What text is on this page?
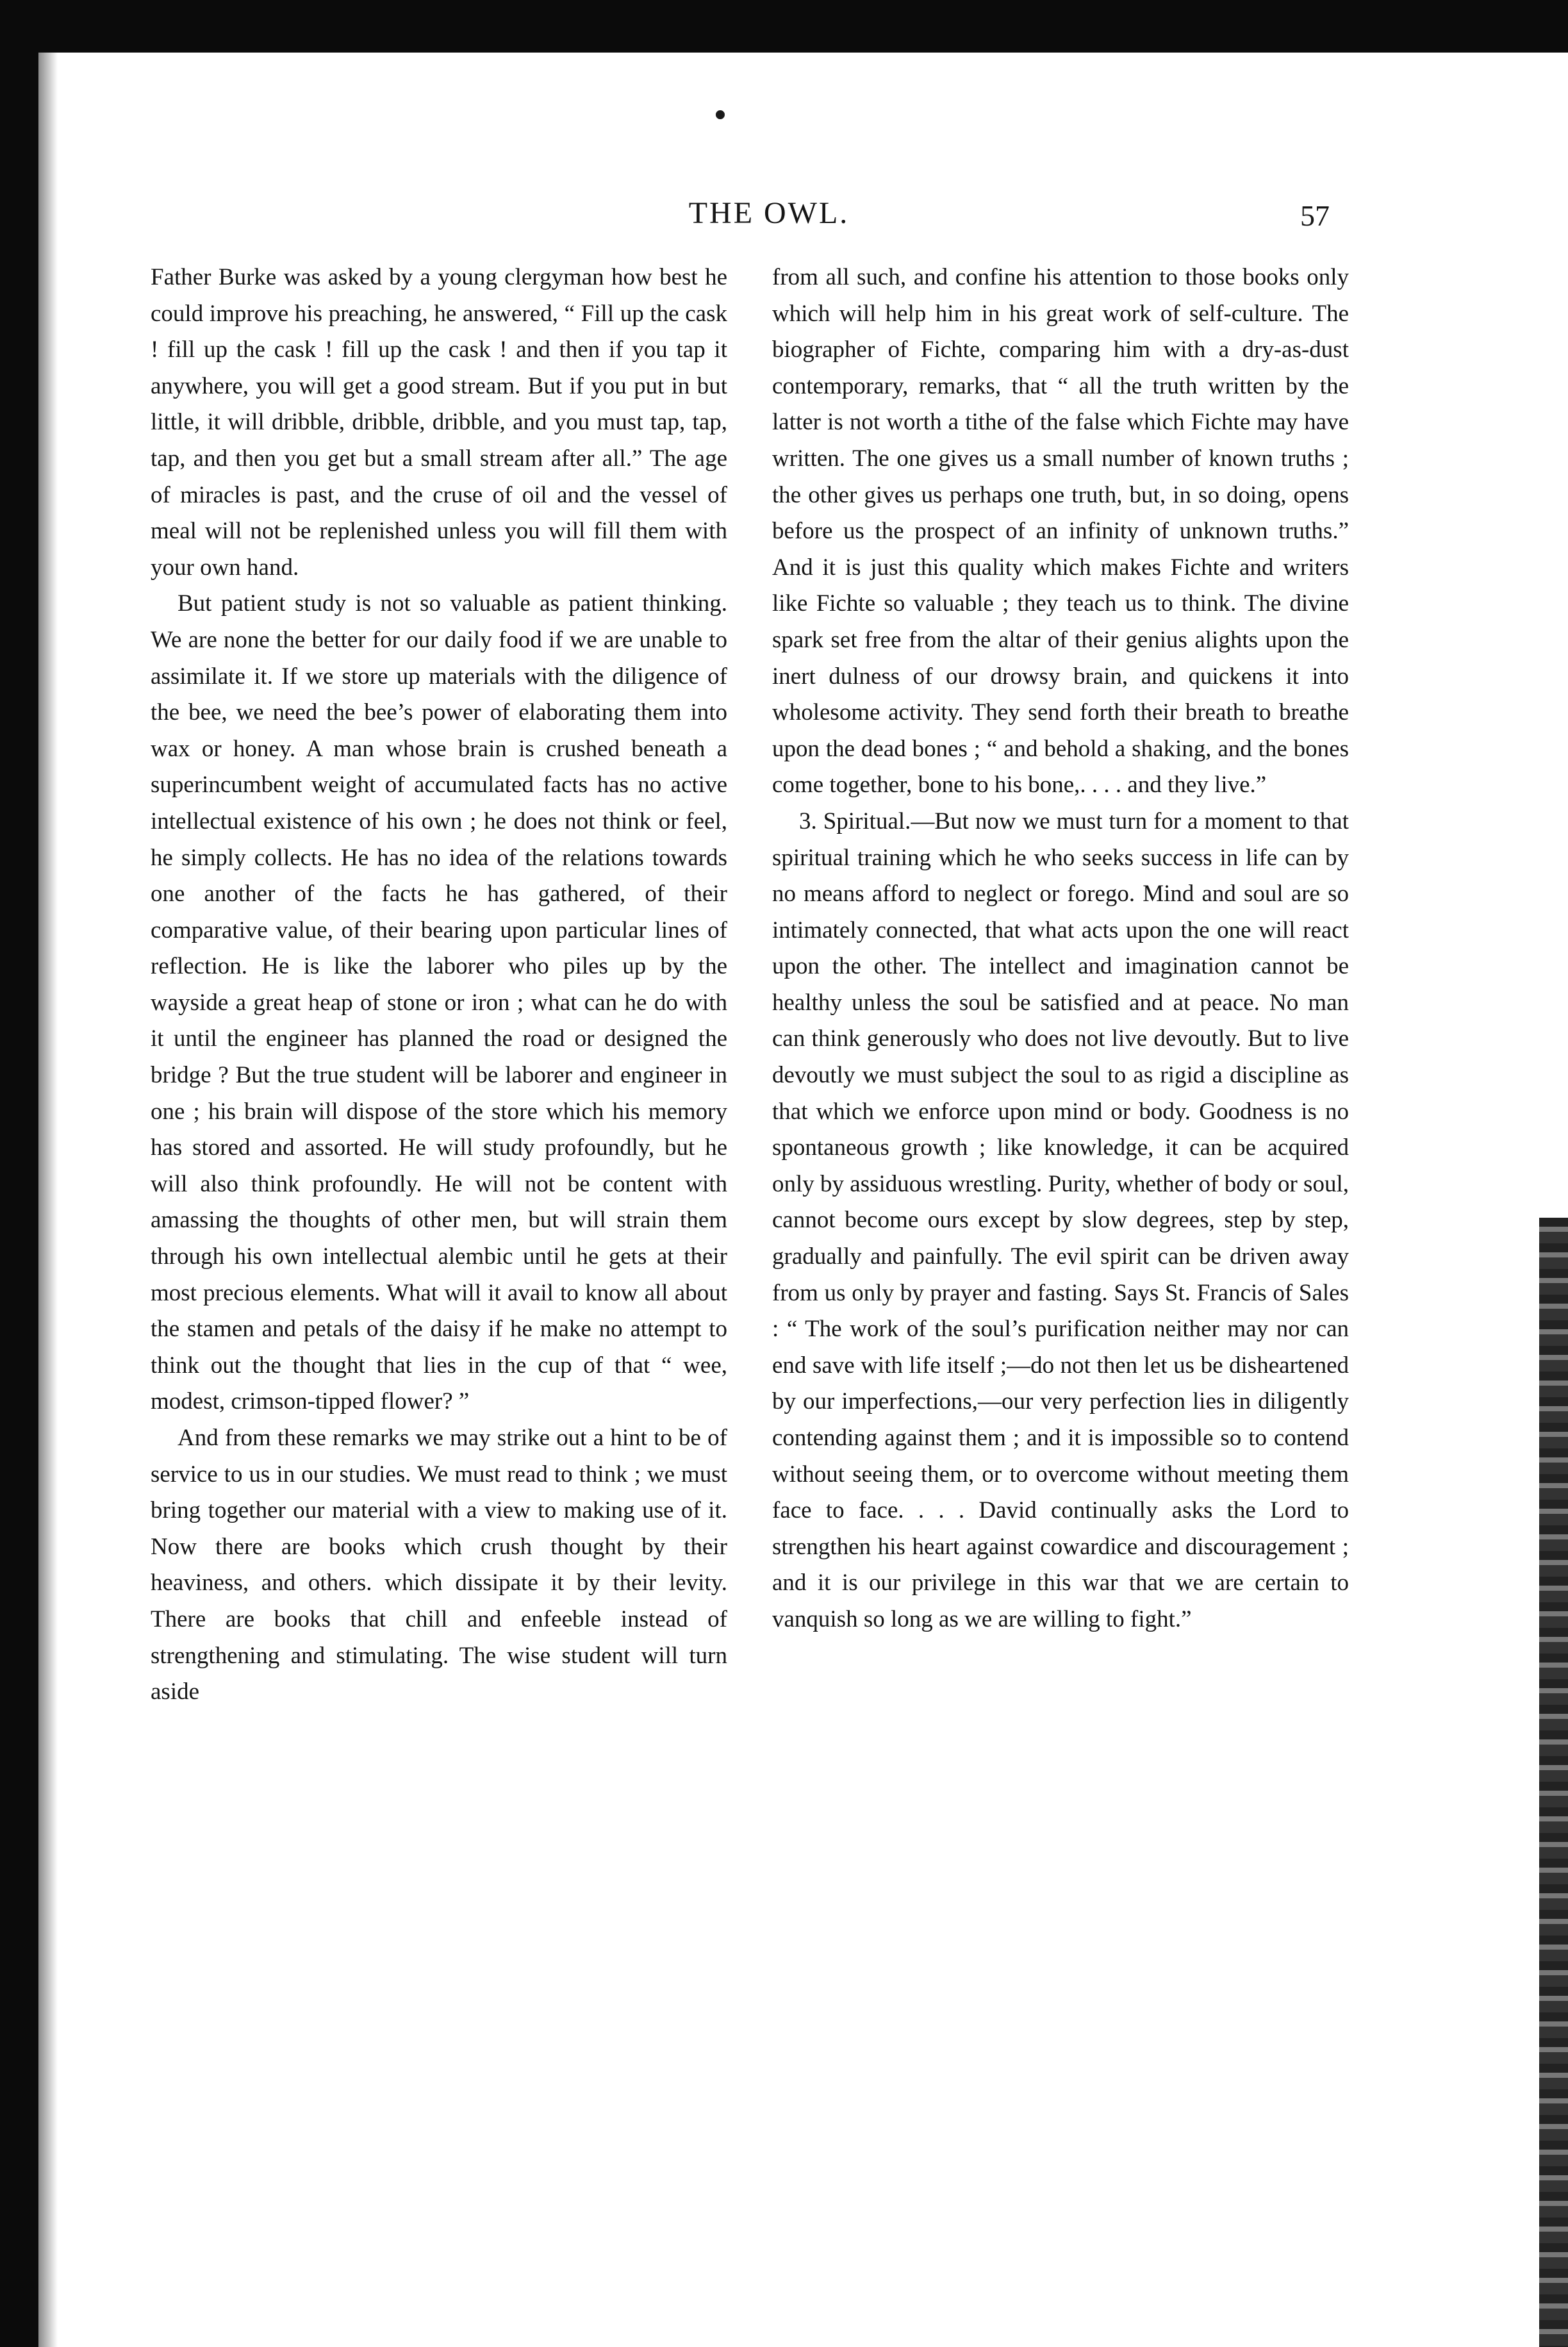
THE OWL.	57

Father Burke was asked by a young clergyman how best he could improve his preaching, he answered, “ Fill up the cask ! fill up the cask ! fill up the cask ! and then if you tap it anywhere, you will get a good stream. But if you put in but little, it will dribble, dribble, dribble, and you must tap, tap, tap, and then you get but a small stream after all.” The age of miracles is past, and the cruse of oil and the vessel of meal will not be replenished unless you will fill them with your own hand.

But patient study is not so valuable as patient thinking. We are none the better for our daily food if we are unable to assimilate it. If we store up materials with the diligence of the bee, we need the bee’s power of elaborating them into wax or honey. A man whose brain is crushed beneath a superincumbent weight of accumulated facts has no active intellectual existence of his own ; he does not think or feel, he simply collects. He has no idea of the relations towards one another of the facts he has gathered, of their comparative value, of their bearing upon particular lines of reflection. He is like the laborer who piles up by the wayside a great heap of stone or iron ; what can he do with it until the engineer has planned the road or designed the bridge ? But the true student will be laborer and engineer in one ; his brain will dispose of the store which his memory has stored and assorted. He will study profoundly, but he will also think profoundly. He will not be content with amassing the thoughts of other men, but will strain them through his own intellectual alembic until he gets at their most precious elements. What will it avail to know all about the stamen and petals of the daisy if he make no attempt to think out the thought that lies in the cup of that “ wee, modest, crimson-tipped flower? ”

And from these remarks we may strike out a hint to be of service to us in our studies. We must read to think ; we must bring together our material with a view to making use of it. Now there are books which crush thought by their heaviness, and others. which dissipate it by their levity. There are books that chill and enfeeble instead of strengthening and stimulating. The wise student will turn aside

from all such, and confine his attention to those books only which will help him in his great work of self-culture. The biographer of Fichte, comparing him with a dry-as-dust contemporary, remarks, that “ all the truth written by the latter is not worth a tithe of the false which Fichte may have written. The one gives us a small number of known truths ; the other gives us perhaps one truth, but, in so doing, opens before us the prospect of an infinity of unknown truths.” And it is just this quality which makes Fichte and writers like Fichte so valuable ; they teach us to think. The divine spark set free from the altar of their genius alights upon the inert dulness of our drowsy brain, and quickens it into wholesome activity. They send forth their breath to breathe upon the dead bones ; “ and behold a shaking, and the bones come together, bone to his bone,. . . . and they live.”

3. Spiritual.—But now we must turn for a moment to that spiritual training which he who seeks success in life can by no means afford to neglect or forego. Mind and soul are so intimately connected, that what acts upon the one will react upon the other. The intellect and imagination cannot be healthy unless the soul be satisfied and at peace. No man can think generously who does not live devoutly. But to live devoutly we must subject the soul to as rigid a discipline as that which we enforce upon mind or body. Goodness is no spontaneous growth ; like knowledge, it can be acquired only by assiduous wrestling. Purity, whether of body or soul, cannot become ours except by slow degrees, step by step, gradually and painfully. The evil spirit can be driven away from us only by prayer and fasting. Says St. Francis of Sales : “ The work of the soul’s purification neither may nor can end save with life itself ;—do not then let us be disheartened by our imperfections,—our very perfection lies in diligently contending against them ; and it is impossible so to contend without seeing them, or to overcome without meeting them face to face. . . . David continually asks the Lord to strengthen his heart against cowardice and discouragement ; and it is our privilege in this war that we are certain to vanquish so long as we are willing to fight.”
